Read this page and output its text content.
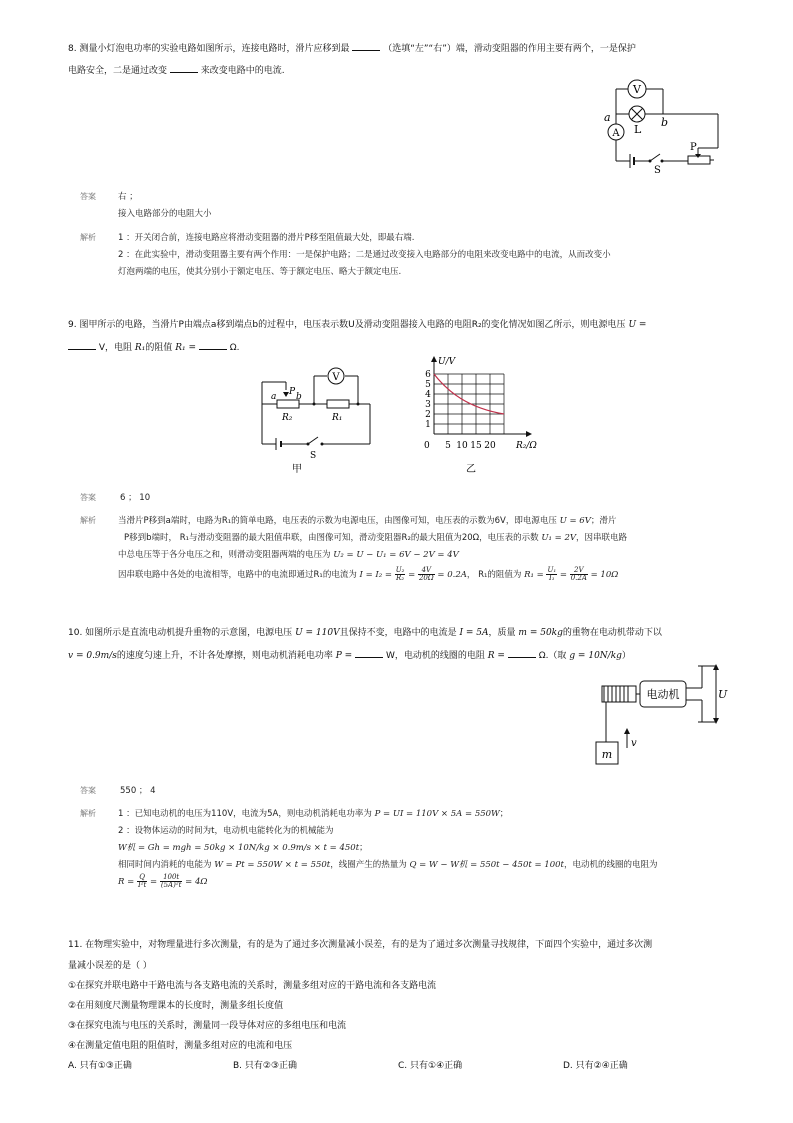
8. 测量小灯泡电功率的实验电路如图所示，连接电路时，滑片应移到最	（选填“左”“右”）端，滑动变阻器的作用主要有两个，一是保护
电路安全，二是通过改变	来改变电路中的电流.
V
A L
a	b
P
S
答案	右 ；
接入电路部分的电阻大小
解析	1 ：开关闭合前，连接电路应将滑动变阻器的滑片P移至阻值最大处，即最右端.
2 ：在此实验中，滑动变阻器主要有两个作用：一是保护电路；二是通过改变接入电路部分的电阻来改变电路中的电流，从而改变小
灯泡两端的电压，使其分别小于额定电压、等于额定电压、略大于额定电压.
9. 图甲所示的电路，当滑片P由端点a移到端点b的过程中，电压表示数U及滑动变阻器接入电路的电阻R₂的变化情况如图乙所示，则电源电压 U =
V，电阻 R₁的阻值 R₁ =	Ω.
V
a b
P
R₂	R₁
S
甲
U/V
R₂/Ω
0 5 10 15 20
1
2
3
4
5
6
乙
答案	6 ； 10
解析	当滑片P移到a端时，电路为R₁的简单电路，电压表的示数为电源电压，由图像可知，电压表的示数为6V，即电源电压 U = 6V；滑片
P移到b端时， R₁与滑动变阻器的最大阻值串联，由图像可知，滑动变阻器R₂的最大阻值为20Ω，电压表的示数 U₁ = 2V，因串联电路
中总电压等于各分电压之和，则滑动变阻器两端的电压为 U₂ = U − U₁ = 6V − 2V = 4V
因串联电路中各处的电流相等，电路中的电流即通过R₁的电流为 $I = I_2 = \frac{\text{U₂}}{\text{R₂}} = \frac{4V}{20\Omega} = 0.2A$， R₁的阻值为 $R_1 = \frac{\text{U₁}}{\text{I₁}} = \frac{2V}{0.2A} = 10\Omega$
10. 如图所示是直流电动机提升重物的示意图，电源电压 U = 110V且保持不变，电路中的电流是 I = 5A，质量 m = 50kg的重物在电动机带动下以
v = 0.9m/s的速度匀速上升，不计各处摩擦，则电动机消耗电功率 P =	W，电动机的线圈的电阻 R =	Ω.（取 g = 10N/kg）
电动机	U
v
m
答案	550 ； 4
解析	1 ：已知电动机的电压为110V，电流为5A，则电动机消耗电功率为 P = UI = 110V × 5A = 550W；
2 ：设物体运动的时间为t，电动机电能转化为的机械能为
W机 = Gh = mgh = 50kg × 10N/kg × 0.9m/s × t = 450t；
相同时间内消耗的电能为 W = Pt = 550W × t = 550t，线圈产生的热量为 Q = W − W机 = 550t − 450t = 100t，电动机的线圈的电阻为
$R = \frac{Q}{\text{I²t}} = \frac{100t}{\text{(5A)²t}} = 4\Omega$
11. 在物理实验中，对物理量进行多次测量，有的是为了通过多次测量减小误差，有的是为了通过多次测量寻找规律，下面四个实验中，通过多次测
量减小误差的是（ ）
①在探究并联电路中干路电流与各支路电流的关系时，测量多组对应的干路电流和各支路电流
②在用刻度尺测量物理课本的长度时，测量多组长度值
③在探究电流与电压的关系时，测量同一段导体对应的多组电压和电流
④在测量定值电阻的阻值时，测量多组对应的电流和电压
A. 只有①③正确	B. 只有②③正确	C. 只有①④正确	D. 只有②④正确
